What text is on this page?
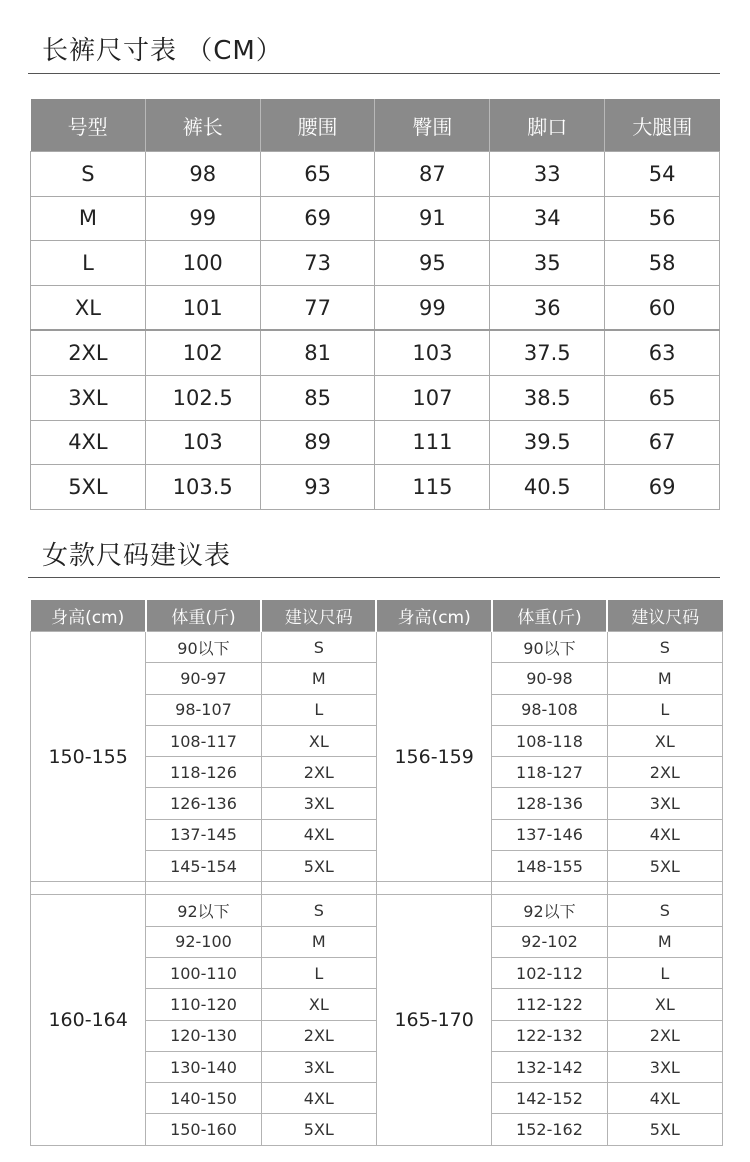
长裤尺寸表 （CM）
号型	裤长	腰围	臀围	脚口	大腿围
S	98	65	87	33	54
M	99	69	91	34	56
L	100	73	95	35	58
XL	101	77	99	36	60
2XL	102	81	103	37.5	63
3XL	102.5	85	107	38.5	65
4XL	103	89	111	39.5	67
5XL	103.5	93	115	40.5	69
女款尺码建议表
身高(cm)	体重(斤)	建议尺码	身高(cm)	体重(斤)	建议尺码
150-155	90以下	S	156-159	90以下	S
	90-97	M		90-98	M
	98-107	L		98-108	L
	108-117	XL		108-118	XL
	118-126	2XL		118-127	2XL
	126-136	3XL		128-136	3XL
	137-145	4XL		137-146	4XL
	145-154	5XL		148-155	5XL

160-164	92以下	S	165-170	92以下	S
	92-100	M		92-102	M
	100-110	L		102-112	L
	110-120	XL		112-122	XL
	120-130	2XL		122-132	2XL
	130-140	3XL		132-142	3XL
	140-150	4XL		142-152	4XL
	150-160	5XL		152-162	5XL
